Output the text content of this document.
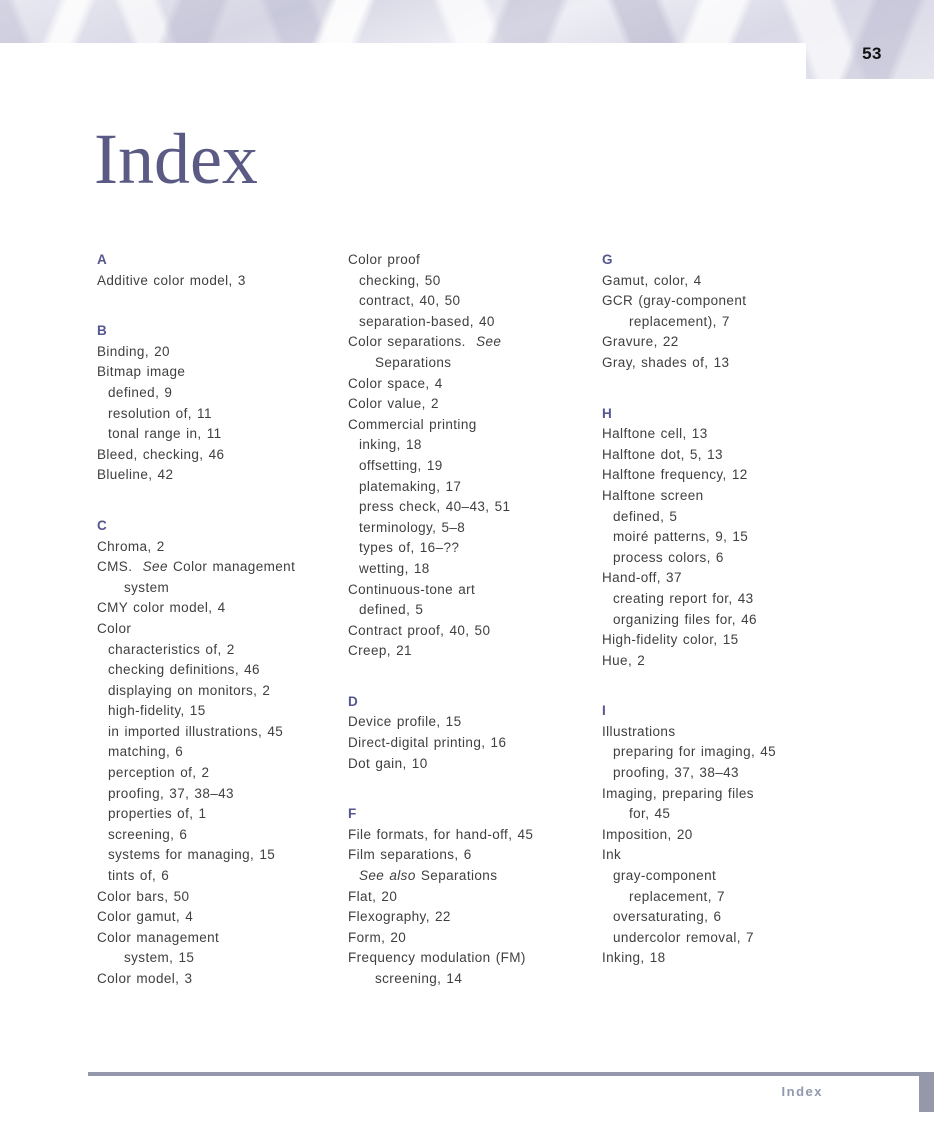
53
Index
A
Additive color model, 3
B
Binding, 20
Bitmap image
defined, 9
resolution of, 11
tonal range in, 11
Bleed, checking, 46
Blueline, 42
C
Chroma, 2
CMS.  See Color management
system
CMY color model, 4
Color
characteristics of, 2
checking definitions, 46
displaying on monitors, 2
high-fidelity, 15
in imported illustrations, 45
matching, 6
perception of, 2
proofing, 37, 38–43
properties of, 1
screening, 6
systems for managing, 15
tints of, 6
Color bars, 50
Color gamut, 4
Color management
system, 15
Color model, 3
Color proof
checking, 50
contract, 40, 50
separation-based, 40
Color separations.  See
Separations
Color space, 4
Color value, 2
Commercial printing
inking, 18
offsetting, 19
platemaking, 17
press check, 40–43, 51
terminology, 5–8
types of, 16–??
wetting, 18
Continuous-tone art
defined, 5
Contract proof, 40, 50
Creep, 21
D
Device profile, 15
Direct-digital printing, 16
Dot gain, 10
F
File formats, for hand-off, 45
Film separations, 6
See also Separations
Flat, 20
Flexography, 22
Form, 20
Frequency modulation (FM)
screening, 14
G
Gamut, color, 4
GCR (gray-component
replacement), 7
Gravure, 22
Gray, shades of, 13
H
Halftone cell, 13
Halftone dot, 5, 13
Halftone frequency, 12
Halftone screen
defined, 5
moiré patterns, 9, 15
process colors, 6
Hand-off, 37
creating report for, 43
organizing files for, 46
High-fidelity color, 15
Hue, 2
I
Illustrations
preparing for imaging, 45
proofing, 37, 38–43
Imaging, preparing files
for, 45
Imposition, 20
Ink
gray-component
replacement, 7
oversaturating, 6
undercolor removal, 7
Inking, 18
Index
